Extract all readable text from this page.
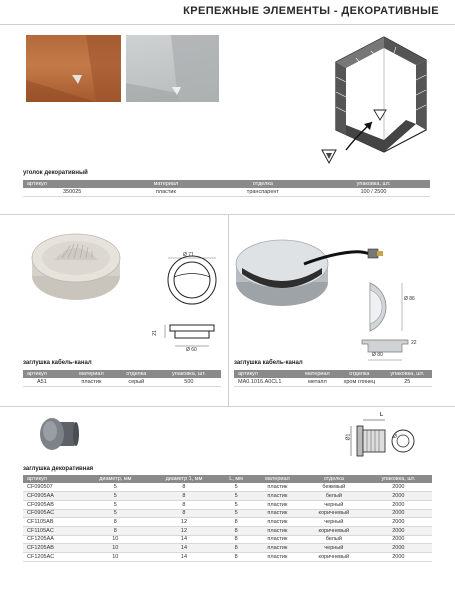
КРЕПЕЖНЫЕ ЭЛЕМЕНТЫ - ДЕКОРАТИВНЫЕ
уголок декоративный
артикул	материал	отделка	упаковка, шт.
350025	пластик	транспарент	100 / 2500
Ø 71
Ø 60
21
заглушка кабель-канал
артикул	материал	отделка	упаковка, шт.
A51	пластик	серый	500
Ø 86
22
Ø 80
заглушка кабель-канал
артикул	материал	отделка	упаковка, шт.
MA0.1016.A0CL1	металл	хром глянец	25
L
Ø1	Ø
заглушка декоративная
артикул	диаметр, мм	диаметр 1, мм	L, мм	материал	отделка	упаковка, шт.
CF090507	5	8	5	пластик	бежевый	2000
CF0905AA	5	8	5	пластик	белый	2000
CF0905AB	5	8	5	пластик	черный	2000
CF0905AC	5	8	5	пластик	коричневый	2000
CF1105AB	8	12	8	пластик	черный	2000
CF1105AC	8	12	8	пластик	коричневый	2000
CF1205AA	10	14	8	пластик	белый	2000
CF1205AB	10	14	8	пластик	черный	2000
CF1205AC	10	14	8	пластик	коричневый	2000
